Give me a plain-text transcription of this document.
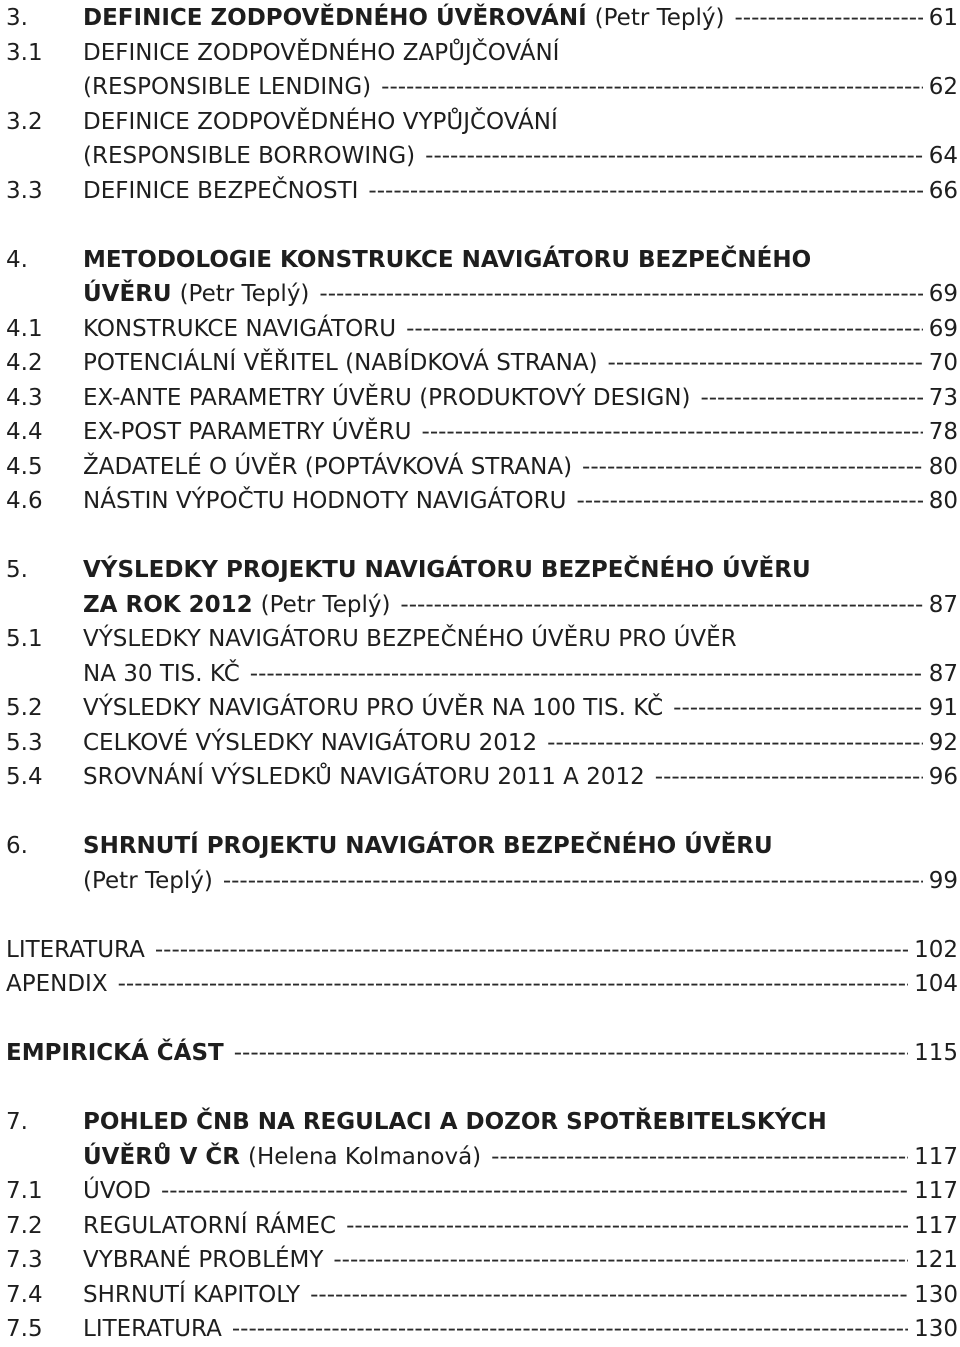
3. DEFINICE ZODPOVĚDNÉHO ÚVĚROVÁNÍ (Petr Teplý) -----	61
3.1 DEFINICE ZODPOVĚDNÉHO ZAPŮJČOVÁNÍ
(RESPONSIBLE LENDING) -----	62
3.2 DEFINICE ZODPOVĚDNÉHO VYPŮJČOVÁNÍ
(RESPONSIBLE BORROWING) -----	64
3.3 DEFINICE BEZPEČNOSTI -----	66
4. METODOLOGIE KONSTRUKCE NAVIGÁTORU BEZPEČNÉHO
ÚVĚRU (Petr Teplý) -----	69
4.1 KONSTRUKCE NAVIGÁTORU -----	69
4.2 POTENCIÁLNÍ VĚŘITEL (NABÍDKOVÁ STRANA) -----	70
4.3 EX-ANTE PARAMETRY ÚVĚRU (PRODUKTOVÝ DESIGN) -----	73
4.4 EX-POST PARAMETRY ÚVĚRU -----	78
4.5 ŽADATELÉ O ÚVĚR (POPTÁVKOVÁ STRANA) -----	80
4.6 NÁSTIN VÝPOČTU HODNOTY NAVIGÁTORU -----	80
5. VÝSLEDKY PROJEKTU NAVIGÁTORU BEZPEČNÉHO ÚVĚRU
ZA ROK 2012 (Petr Teplý) -----	87
5.1 VÝSLEDKY NAVIGÁTORU BEZPEČNÉHO ÚVĚRU PRO ÚVĚR
NA 30 TIS. KČ -----	87
5.2 VÝSLEDKY NAVIGÁTORU PRO ÚVĚR NA 100 TIS. KČ -----	91
5.3 CELKOVÉ VÝSLEDKY NAVIGÁTORU 2012 -----	92
5.4 SROVNÁNÍ VÝSLEDKŮ NAVIGÁTORU 2011 A 2012 -----	96
6. SHRNUTÍ PROJEKTU NAVIGÁTOR BEZPEČNÉHO ÚVĚRU
(Petr Teplý) -----	99
LITERATURA -----	102
APENDIX -----	104
EMPIRICKÁ ČÁST -----	115
7. POHLED ČNB NA REGULACI A DOZOR SPOTŘEBITELSKÝCH
ÚVĚRŮ V ČR (Helena Kolmanová) -----	117
7.1 ÚVOD -----	117
7.2 REGULATORNÍ RÁMEC -----	117
7.3 VYBRANÉ PROBLÉMY -----	121
7.4 SHRNUTÍ KAPITOLY -----	130
7.5 LITERATURA -----	130
